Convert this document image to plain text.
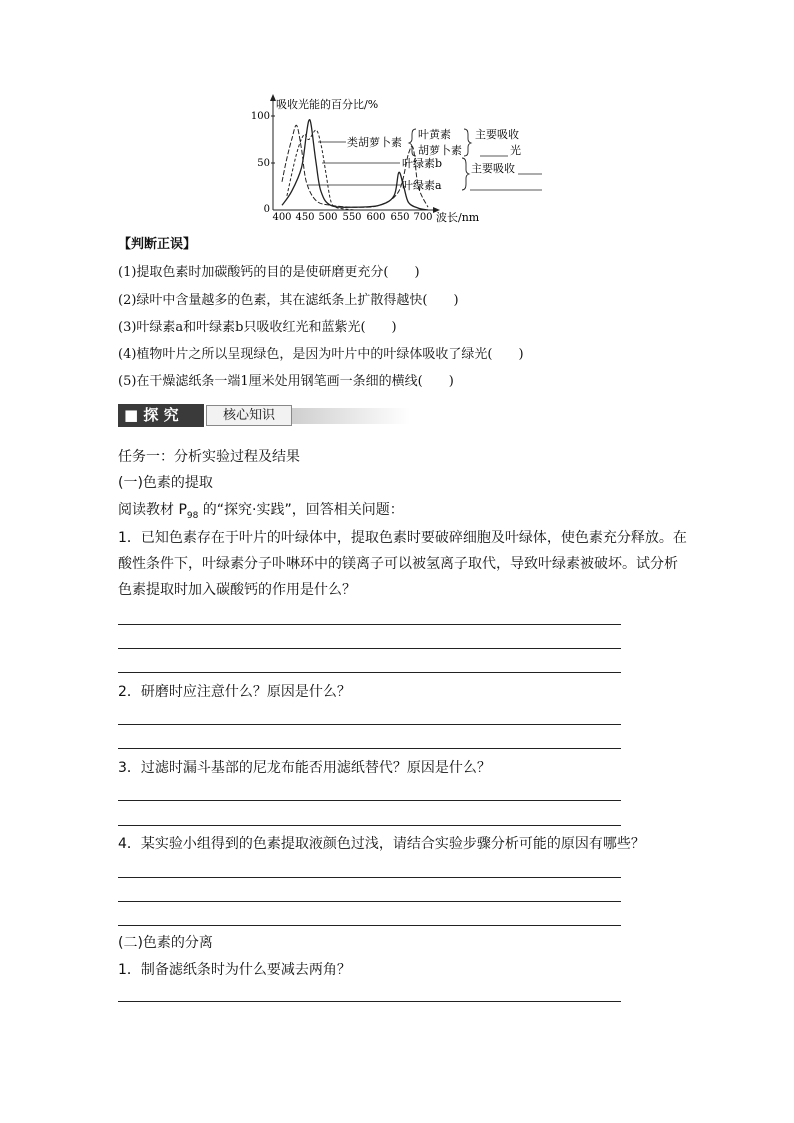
吸收光能的百分比/%
波长/nm
100
50
0
400 450 500 550 600 650 700
类胡萝卜素
叶绿素b
叶绿素a
叶黄素
胡萝卜素
主要吸收
光
主要吸收
【判断正误】
(1)提取色素时加碳酸钙的目的是使研磨更充分(　　)
(2)绿叶中含量越多的色素，其在滤纸条上扩散得越快(　　)
(3)叶绿素a和叶绿素b只吸收红光和蓝紫光(　　)
(4)植物叶片之所以呈现绿色，是因为叶片中的叶绿体吸收了绿光(　　)
(5)在干燥滤纸条一端1厘米处用钢笔画一条细的横线(　　)
■ 探 究	核心知识
任务一：分析实验过程及结果
(一)色素的提取
阅读教材 $P_{98}$ 的“探究·实践”，回答相关问题：
1．已知色素存在于叶片的叶绿体中，提取色素时要破碎细胞及叶绿体，使色素充分释放。在酸性条件下，叶绿素分子卟啉环中的镁离子可以被氢离子取代，导致叶绿素被破坏。试分析色素提取时加入碳酸钙的作用是什么？
2．研磨时应注意什么？原因是什么？
3．过滤时漏斗基部的尼龙布能否用滤纸替代？原因是什么？
4．某实验小组得到的色素提取液颜色过浅，请结合实验步骤分析可能的原因有哪些？
(二)色素的分离
1．制备滤纸条时为什么要减去两角？
